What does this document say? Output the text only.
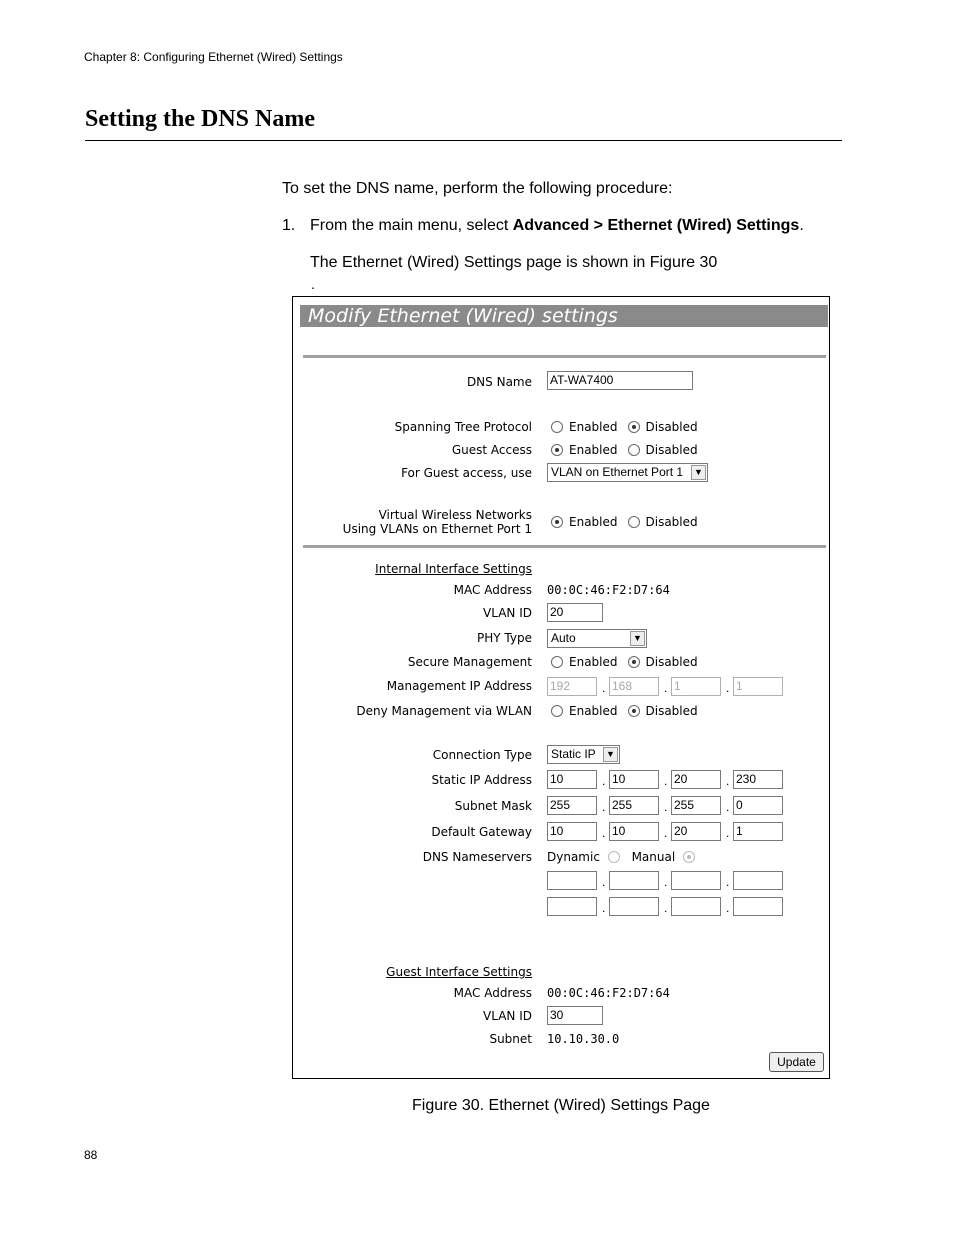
Chapter 8: Configuring Ethernet (Wired) Settings
Setting the DNS Name
To set the DNS name, perform the following procedure:
1. From the main menu, select Advanced > Ethernet (Wired) Settings.
The Ethernet (Wired) Settings page is shown in Figure 30
.
Modify Ethernet (Wired) settings
DNS Name AT-WA7400
Spanning Tree Protocol	Enabled Disabled
Guest Access	Enabled Disabled
For Guest access, use	VLAN on Ethernet Port 1	▼
Virtual Wireless Networks
Using VLANs on Ethernet Port 1	Enabled Disabled
Internal Interface Settings
MAC Address 00:0C:46:F2:D7:64
VLAN ID 20
PHY Type	Auto	▼
Secure Management	Enabled Disabled
Management IP Address 192	. 168	. 1	. 1
Deny Management via WLAN	Enabled Disabled
Connection Type	Static IP	▼
Static IP Address 10	. 10	. 20	. 230
Subnet Mask 255	. 255	. 255	. 0
Default Gateway 10	. 10	. 20	. 1
DNS Nameservers Dynamic	Manual
.	.	.
.	.	.
Guest Interface Settings
MAC Address 00:0C:46:F2:D7:64
VLAN ID 30
Subnet 10.10.30.0
Update
Figure 30. Ethernet (Wired) Settings Page
88
